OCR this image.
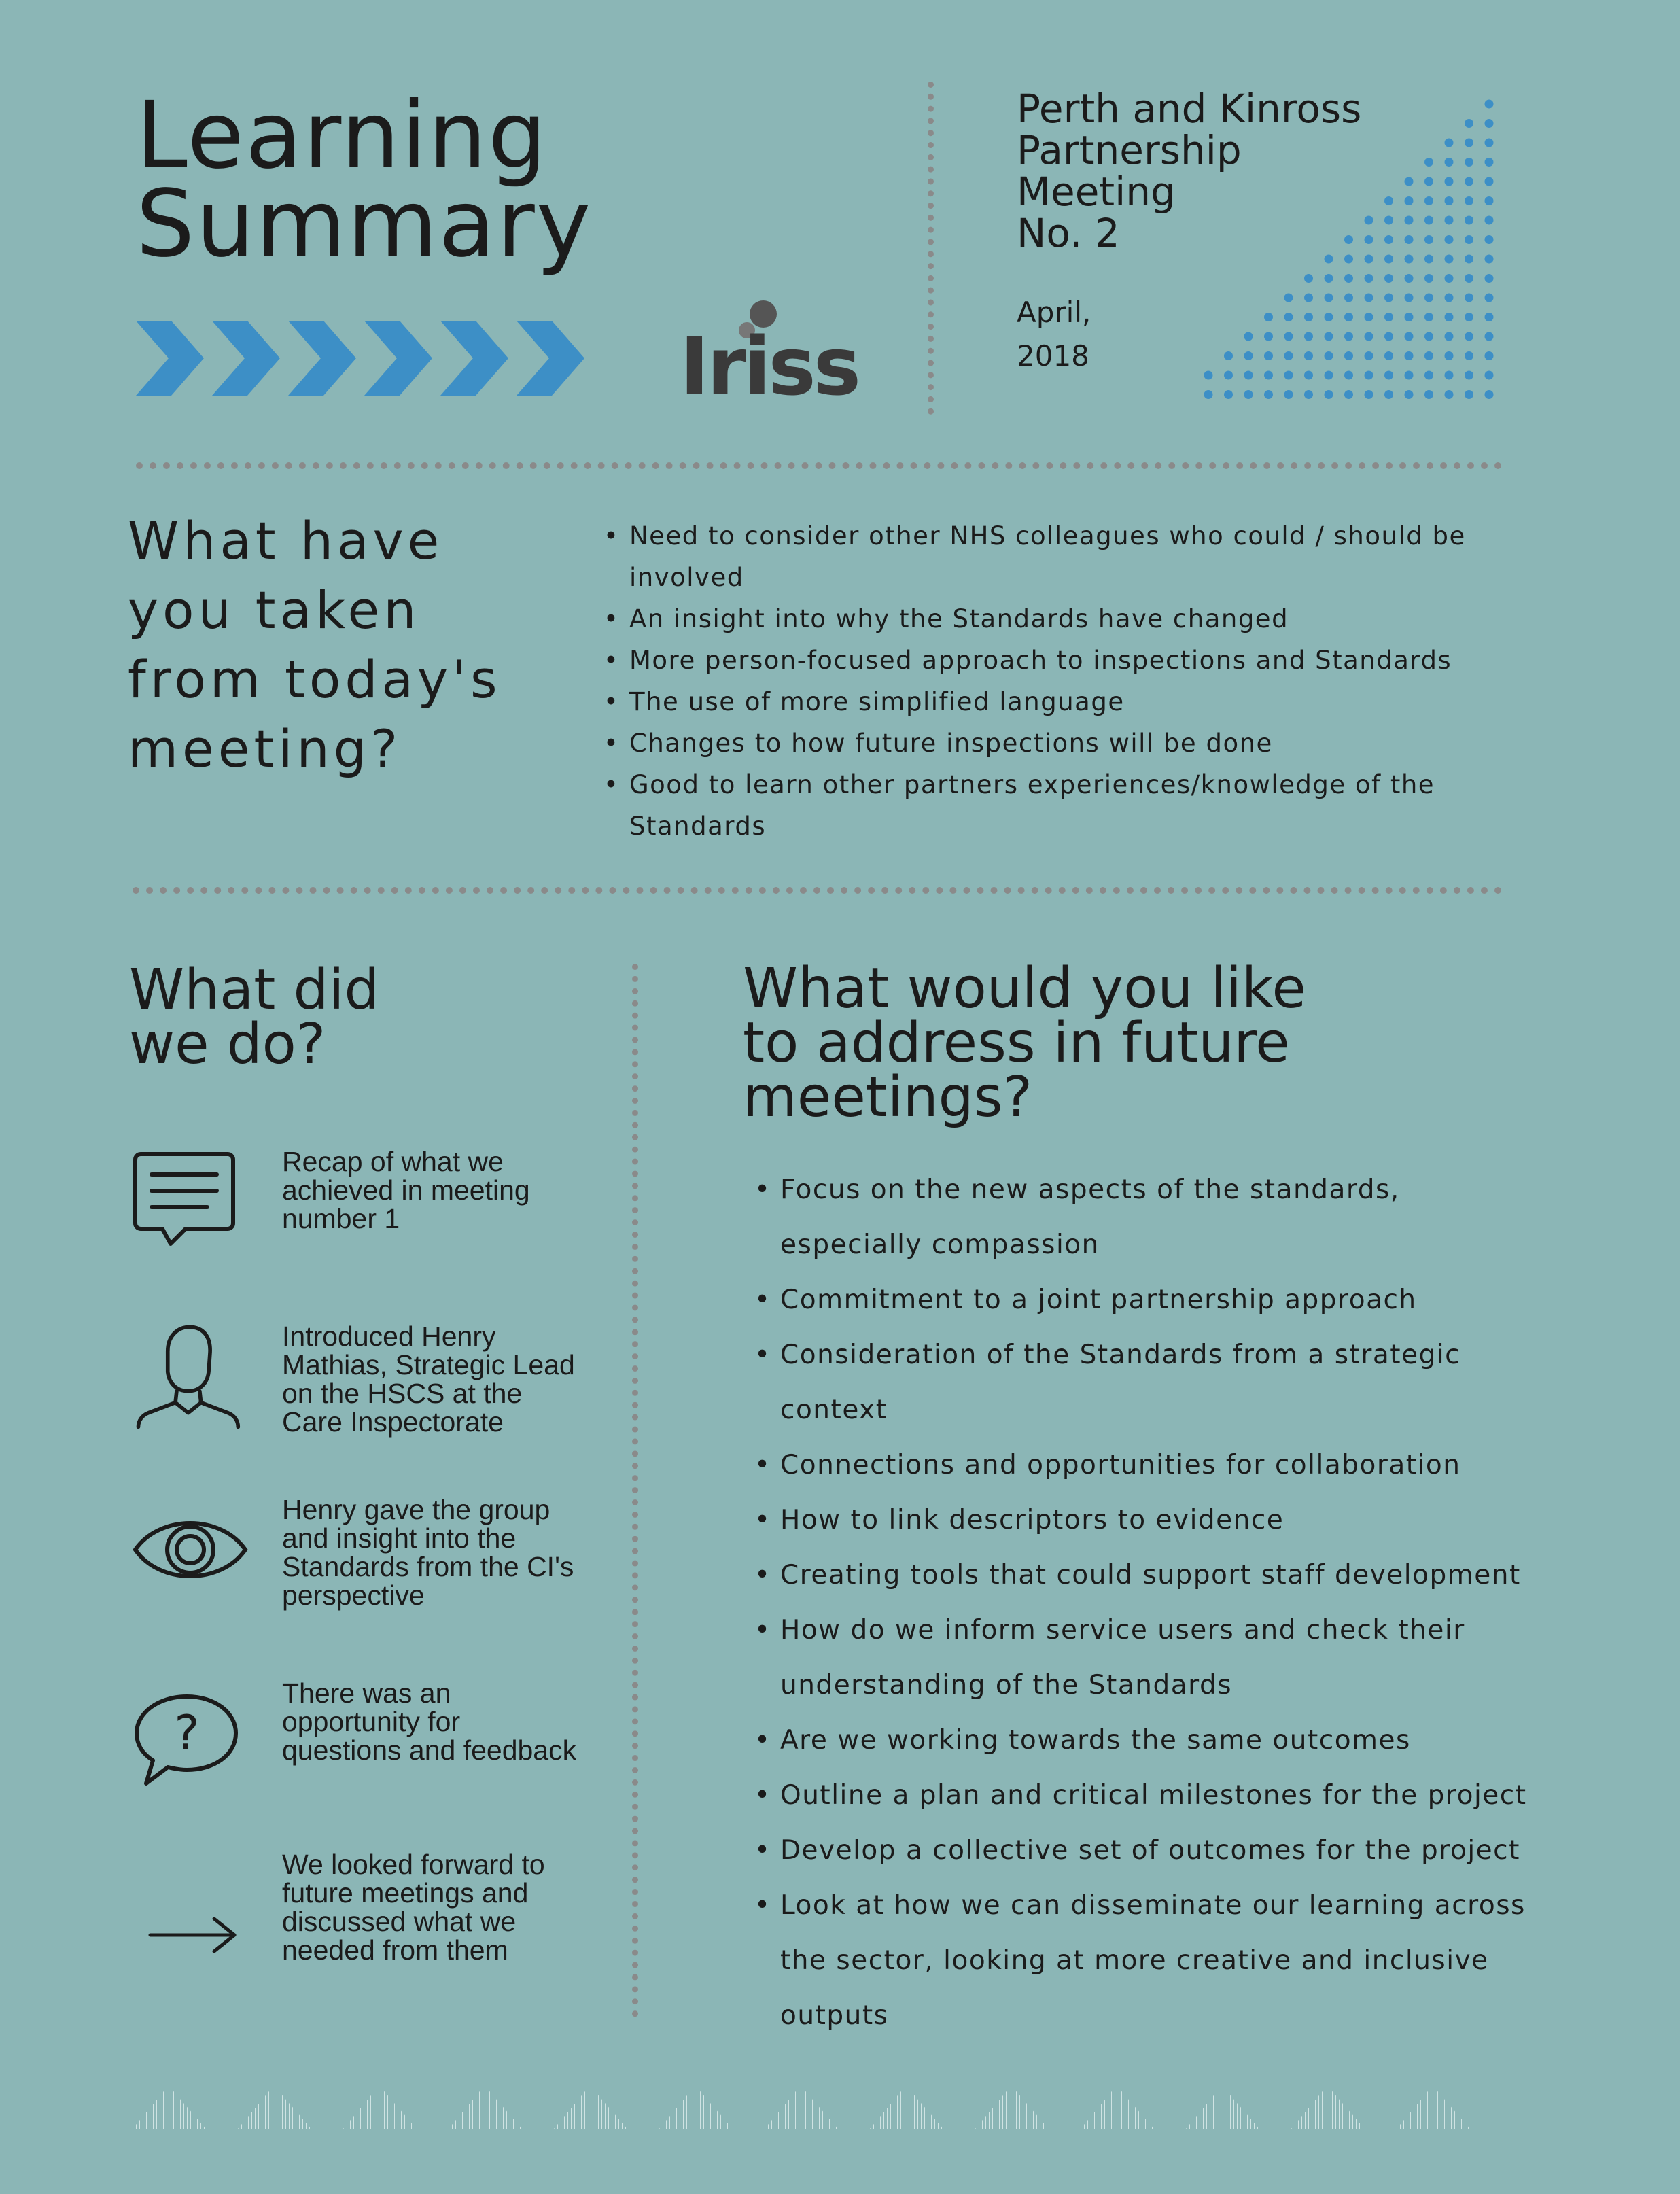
Learning
Summary
Iriss
Perth and Kinross
Partnership
Meeting
No. 2
April,
2018
What have
you taken
from today's
meeting?
• Need to consider other NHS colleagues who could / should be involved
• An insight into why the Standards have changed
• More person-focused approach to inspections and Standards
• The use of more simplified language
• Changes to how future inspections will be done
• Good to learn other partners experiences/knowledge of the Standards
What did
we do?
Recap of what we achieved in meeting number 1
Introduced Henry Mathias, Strategic Lead on the HSCS at the Care Inspectorate
Henry gave the group and insight into the Standards from the CI's perspective
?
There was an opportunity for questions and feedback
We looked forward to future meetings and discussed what we needed from them
What would you like
to address in future
meetings?
• Focus on the new aspects of the standards, especially compassion
• Commitment to a joint partnership approach
• Consideration of the Standards from a strategic context
• Connections and opportunities for collaboration
• How to link descriptors to evidence
• Creating tools that could support staff development
• How do we inform service users and check their understanding of the Standards
• Are we working towards the same outcomes
• Outline a plan and critical milestones for the project
• Develop a collective set of outcomes for the project
• Look at how we can disseminate our learning across the sector, looking at more creative and inclusive outputs
